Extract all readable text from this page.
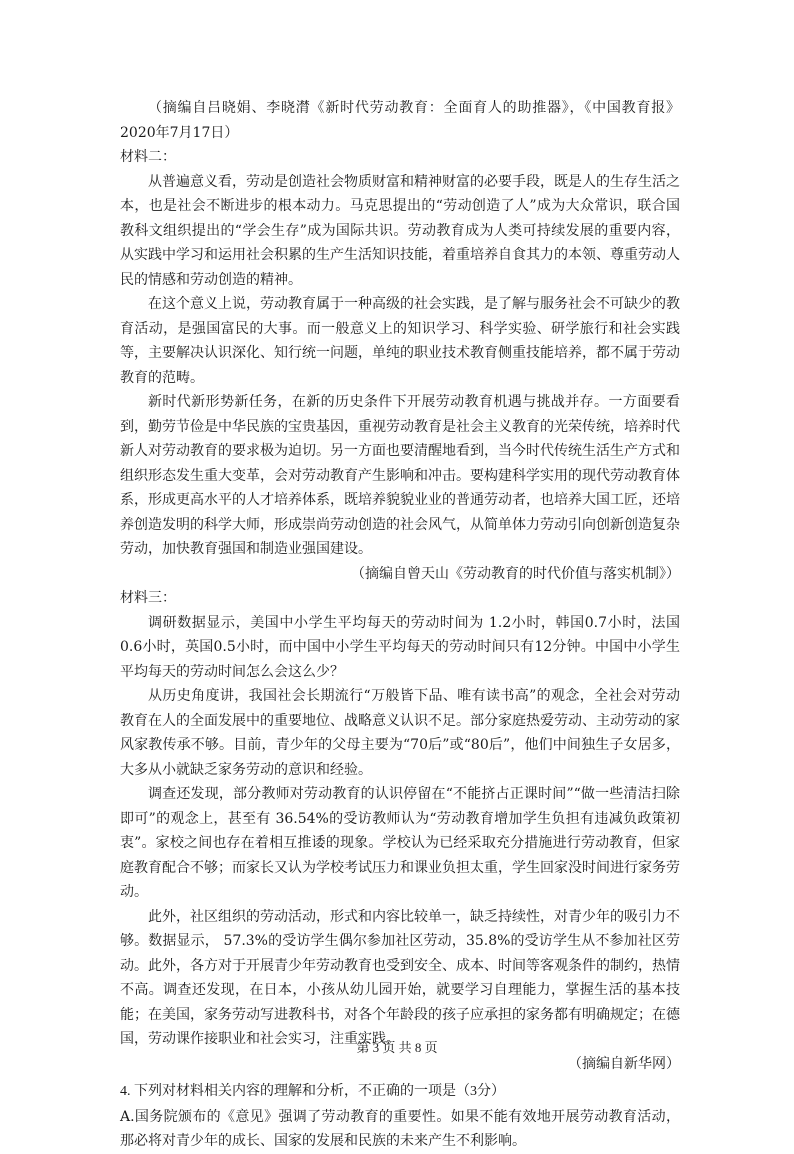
（摘编自吕晓娟、李晓潸《新时代劳动教育：全面育人的助推器》，《中国教育报》2020年7月17日）

材料二：

从普遍意义看，劳动是创造社会物质财富和精神财富的必要手段，既是人的生存生活之本，也是社会不断进步的根本动力。马克思提出的“劳动创造了人”成为大众常识，联合国教科文组织提出的“学会生存”成为国际共识。劳动教育成为人类可持续发展的重要内容，从实践中学习和运用社会积累的生产生活知识技能，着重培养自食其力的本领、尊重劳动人民的情感和劳动创造的精神。

在这个意义上说，劳动教育属于一种高级的社会实践，是了解与服务社会不可缺少的教育活动，是强国富民的大事。而一般意义上的知识学习、科学实验、研学旅行和社会实践等，主要解决认识深化、知行统一问题，单纯的职业技术教育侧重技能培养，都不属于劳动教育的范畴。

新时代新形势新任务，在新的历史条件下开展劳动教育机遇与挑战并存。一方面要看到，勤劳节俭是中华民族的宝贵基因，重视劳动教育是社会主义教育的光荣传统，培养时代新人对劳动教育的要求极为迫切。另一方面也要清醒地看到，当今时代传统生活生产方式和组织形态发生重大变革，会对劳动教育产生影响和冲击。要构建科学实用的现代劳动教育体系，形成更高水平的人才培养体系，既培养貌貌业业的普通劳动者，也培养大国工匠，还培养创造发明的科学大师，形成崇尚劳动创造的社会风气，从简单体力劳动引向创新创造复杂劳动，加快教育强国和制造业强国建设。

（摘编自曾天山《劳动教育的时代价值与落实机制》）

材料三：

调研数据显示，美国中小学生平均每天的劳动时间为 1.2小时，韩国0.7小时，法国0.6小时，英国0.5小时，而中国中小学生平均每天的劳动时间只有12分钟。中国中小学生平均每天的劳动时间怎么会这么少？

从历史角度讲，我国社会长期流行“万般皆下品、唯有读书高”的观念，全社会对劳动教育在人的全面发展中的重要地位、战略意义认识不足。部分家庭热爱劳动、主动劳动的家风家教传承不够。目前，青少年的父母主要为“70后”或“80后”，他们中间独生子女居多，大多从小就缺乏家务劳动的意识和经验。

调查还发现，部分教师对劳动教育的认识停留在“不能挤占正课时间”“做一些清洁扫除即可”的观念上，甚至有 36.54%的受访教师认为“劳动教育增加学生负担有违减负政策初衷”。家校之间也存在着相互推诿的现象。学校认为已经采取充分措施进行劳动教育，但家庭教育配合不够；而家长又认为学校考试压力和课业负担太重，学生回家没时间进行家务劳动。

此外，社区组织的劳动活动，形式和内容比较单一，缺乏持续性，对青少年的吸引力不够。数据显示， 57.3%的受访学生偶尔参加社区劳动，35.8%的受访学生从不参加社区劳动。此外，各方对于开展青少年劳动教育也受到安全、成本、时间等客观条件的制约，热情不高。调查还发现，在日本，小孩从幼儿园开始，就要学习自理能力，掌握生活的基本技能；在美国，家务劳动写进教科书，对各个年龄段的孩子应承担的家务都有明确规定；在德国，劳动课作接职业和社会实习，注重实践。

（摘编自新华网）

4. 下列对材料相关内容的理解和分析，不正确的一项是（3分）

A.国务院颁布的《意见》强调了劳动教育的重要性。如果不能有效地开展劳动教育活动，那必将对青少年的成长、国家的发展和民族的未来产生不利影响。

第 3 页 共 8 页
